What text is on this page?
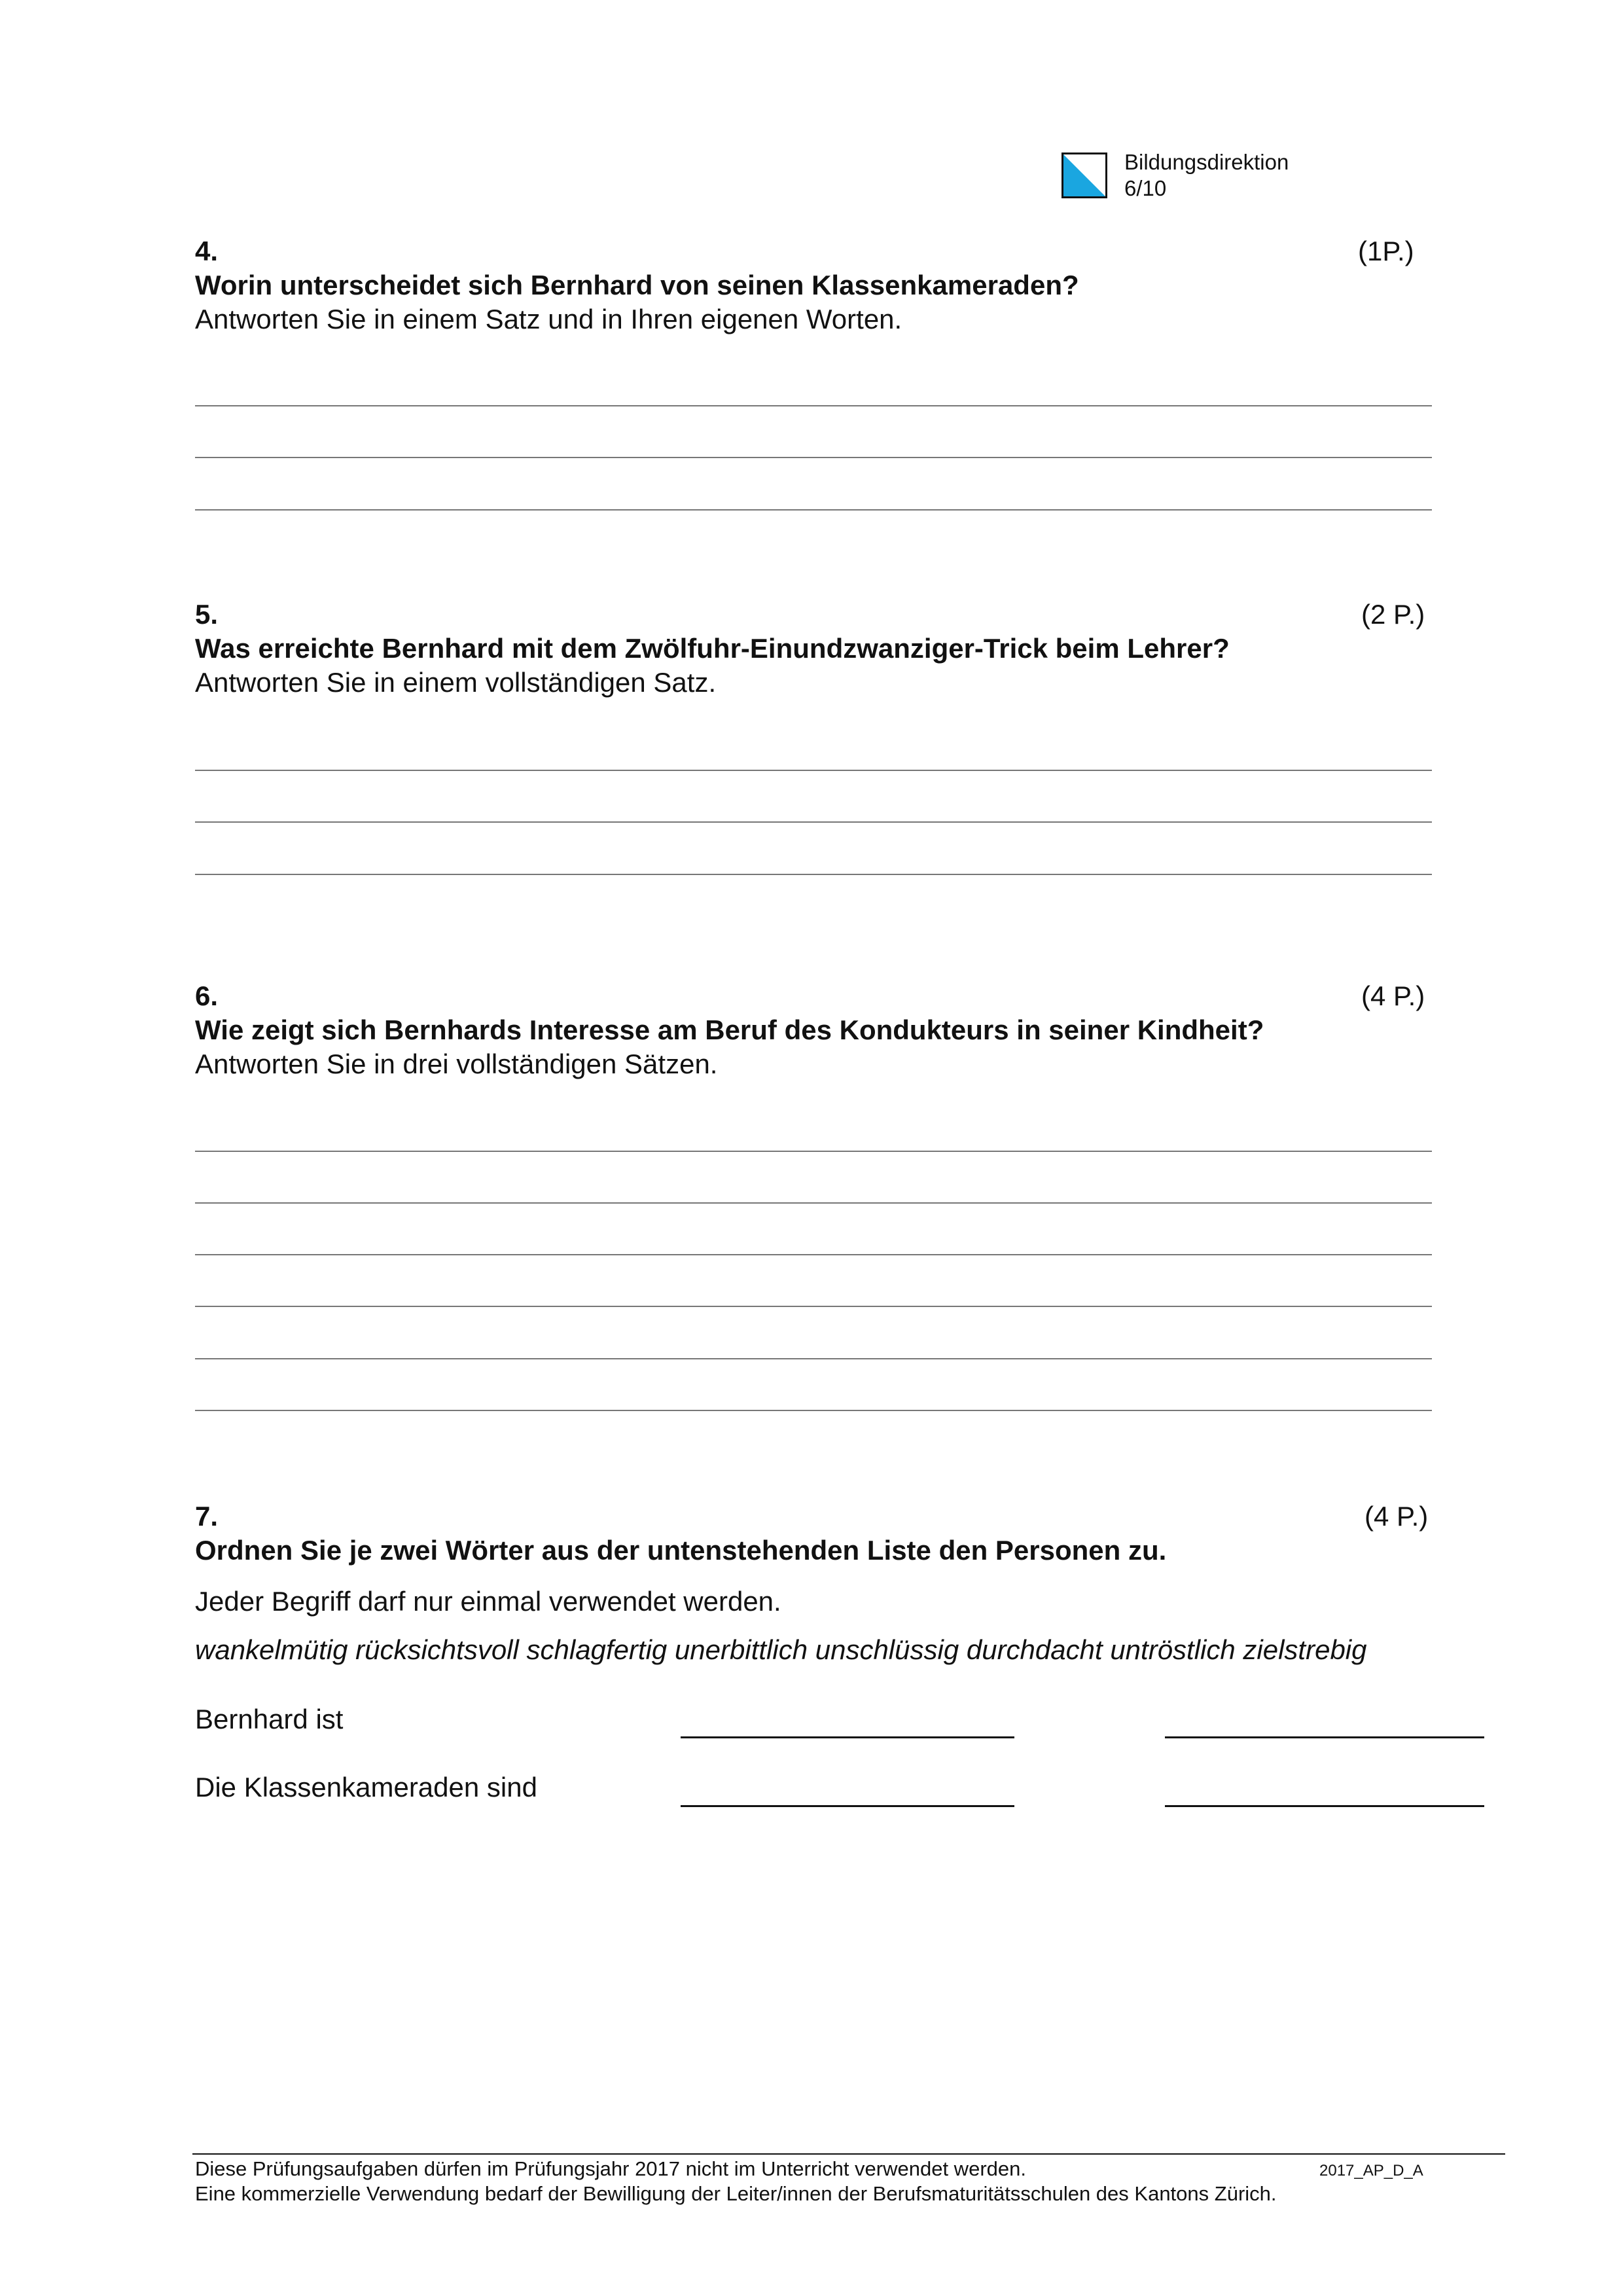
Bildungsdirektion
6/10
4.	(1P.)
Worin unterscheidet sich Bernhard von seinen Klassenkameraden?
Antworten Sie in einem Satz und in Ihren eigenen Worten.
5.	(2 P.)
Was erreichte Bernhard mit dem Zwölfuhr-Einundzwanziger-Trick beim Lehrer?
Antworten Sie in einem vollständigen Satz.
6.	(4 P.)
Wie zeigt sich Bernhards Interesse am Beruf des Kondukteurs in seiner Kindheit?
Antworten Sie in drei vollständigen Sätzen.
7.	(4 P.)
Ordnen Sie je zwei Wörter aus der untenstehenden Liste den Personen zu.
Jeder Begriff darf nur einmal verwendet werden.
wankelmütig rücksichtsvoll schlagfertig unerbittlich unschlüssig durchdacht untröstlich zielstrebig
Bernhard ist
Die Klassenkameraden sind
Diese Prüfungsaufgaben dürfen im Prüfungsjahr 2017 nicht im Unterricht verwendet werden.	2017_AP_D_A
Eine kommerzielle Verwendung bedarf der Bewilligung der Leiter/innen der Berufsmaturitätsschulen des Kantons Zürich.
